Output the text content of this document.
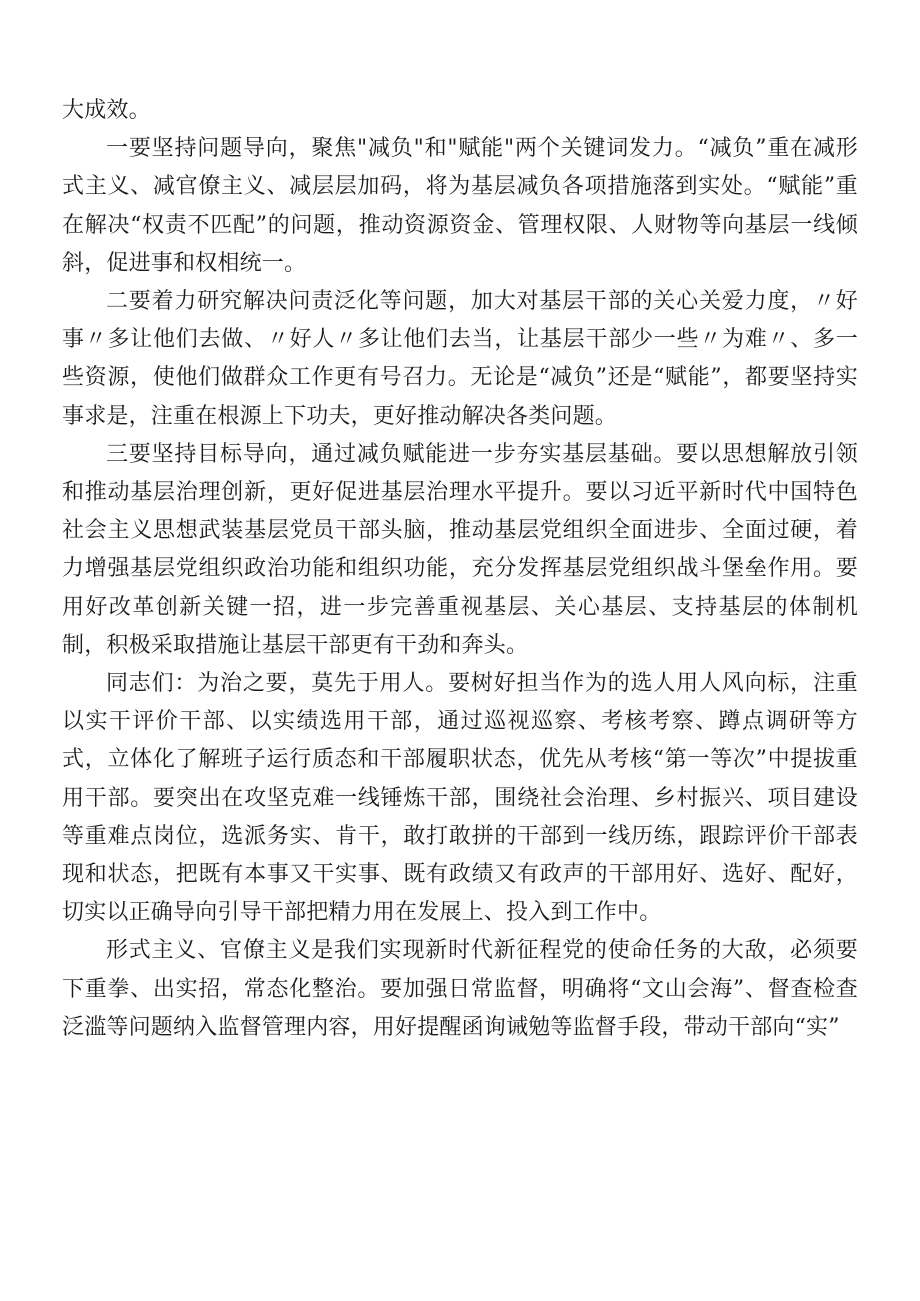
大成效。

一要坚持问题导向，聚焦"减负"和"赋能"两个关键词发力。“减负”重在减形式主义、减官僚主义、减层层加码，将为基层减负各项措施落到实处。“赋能”重在解决“权责不匹配”的问题，推动资源资金、管理权限、人财物等向基层一线倾斜，促进事和权相统一。

二要着力研究解决问责泛化等问题，加大对基层干部的关心关爱力度，〃好事〃多让他们去做、〃好人〃多让他们去当，让基层干部少一些〃为难〃、多一些资源，使他们做群众工作更有号召力。无论是“减负”还是“赋能”，都要坚持实事求是，注重在根源上下功夫，更好推动解决各类问题。

三要坚持目标导向，通过减负赋能进一步夯实基层基础。要以思想解放引领和推动基层治理创新，更好促进基层治理水平提升。要以习近平新时代中国特色社会主义思想武装基层党员干部头脑，推动基层党组织全面进步、全面过硬，着力增强基层党组织政治功能和组织功能，充分发挥基层党组织战斗堡垒作用。要用好改革创新关键一招，进一步完善重视基层、关心基层、支持基层的体制机制，积极采取措施让基层干部更有干劲和奔头。

同志们：为治之要，莫先于用人。要树好担当作为的选人用人风向标，注重以实干评价干部、以实绩选用干部，通过巡视巡察、考核考察、蹲点调研等方式，立体化了解班子运行质态和干部履职状态，优先从考核“第一等次”中提拔重用干部。要突出在攻坚克难一线锤炼干部，围绕社会治理、乡村振兴、项目建设等重难点岗位，选派务实、肯干，敢打敢拼的干部到一线历练，跟踪评价干部表现和状态，把既有本事又干实事、既有政绩又有政声的干部用好、选好、配好，切实以正确导向引导干部把精力用在发展上、投入到工作中。

形式主义、官僚主义是我们实现新时代新征程党的使命任务的大敌，必须要下重拳、出实招，常态化整治。要加强日常监督，明确将“文山会海”、督查检查泛滥等问题纳入监督管理内容，用好提醒函询诫勉等监督手段，带动干部向“实”
